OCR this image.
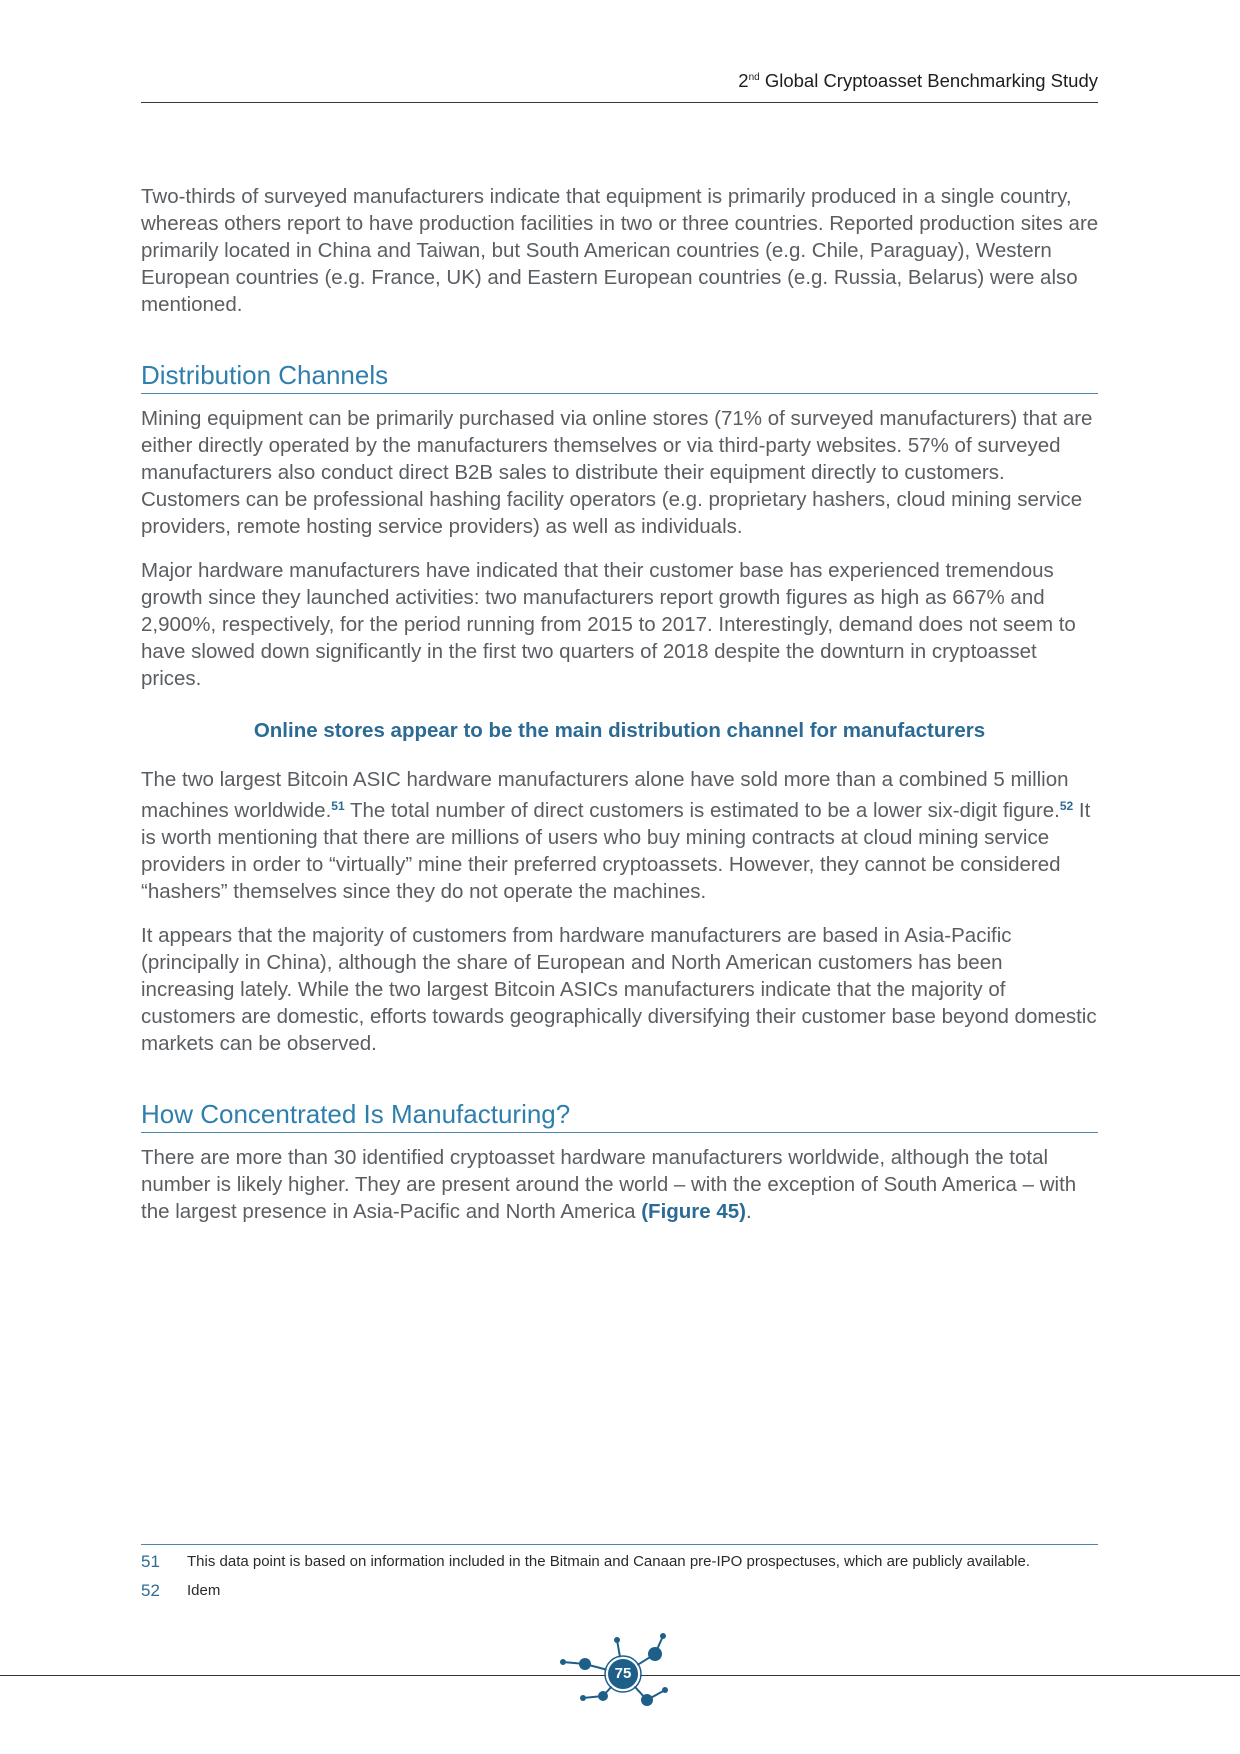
2nd Global Cryptoasset Benchmarking Study

Two-thirds of surveyed manufacturers indicate that equipment is primarily produced in a single country, whereas others report to have production facilities in two or three countries. Reported production sites are primarily located in China and Taiwan, but South American countries (e.g. Chile, Paraguay), Western European countries (e.g. France, UK) and Eastern European countries (e.g. Russia, Belarus) were also mentioned.

Distribution Channels

Mining equipment can be primarily purchased via online stores (71% of surveyed manufacturers) that are either directly operated by the manufacturers themselves or via third-party websites. 57% of surveyed manufacturers also conduct direct B2B sales to distribute their equipment directly to customers. Customers can be professional hashing facility operators (e.g. proprietary hashers, cloud mining service providers, remote hosting service providers) as well as individuals.

Major hardware manufacturers have indicated that their customer base has experienced tremendous growth since they launched activities: two manufacturers report growth figures as high as 667% and 2,900%, respectively, for the period running from 2015 to 2017. Interestingly, demand does not seem to have slowed down significantly in the first two quarters of 2018 despite the downturn in cryptoasset prices.

Online stores appear to be the main distribution channel for manufacturers

The two largest Bitcoin ASIC hardware manufacturers alone have sold more than a combined 5 million machines worldwide.$^{51}$ The total number of direct customers is estimated to be a lower six-digit figure.$^{52}$ It is worth mentioning that there are millions of users who buy mining contracts at cloud mining service providers in order to “virtually” mine their preferred cryptoassets. However, they cannot be considered “hashers” themselves since they do not operate the machines.

It appears that the majority of customers from hardware manufacturers are based in Asia-Pacific (principally in China), although the share of European and North American customers has been increasing lately. While the two largest Bitcoin ASICs manufacturers indicate that the majority of customers are domestic, efforts towards geographically diversifying their customer base beyond domestic markets can be observed.

How Concentrated Is Manufacturing?

There are more than 30 identified cryptoasset hardware manufacturers worldwide, although the total number is likely higher. They are present around the world – with the exception of South America – with the largest presence in Asia-Pacific and North America (Figure 45).

51 This data point is based on information included in the Bitmain and Canaan pre-IPO prospectuses, which are publicly available.
52 Idem
75
